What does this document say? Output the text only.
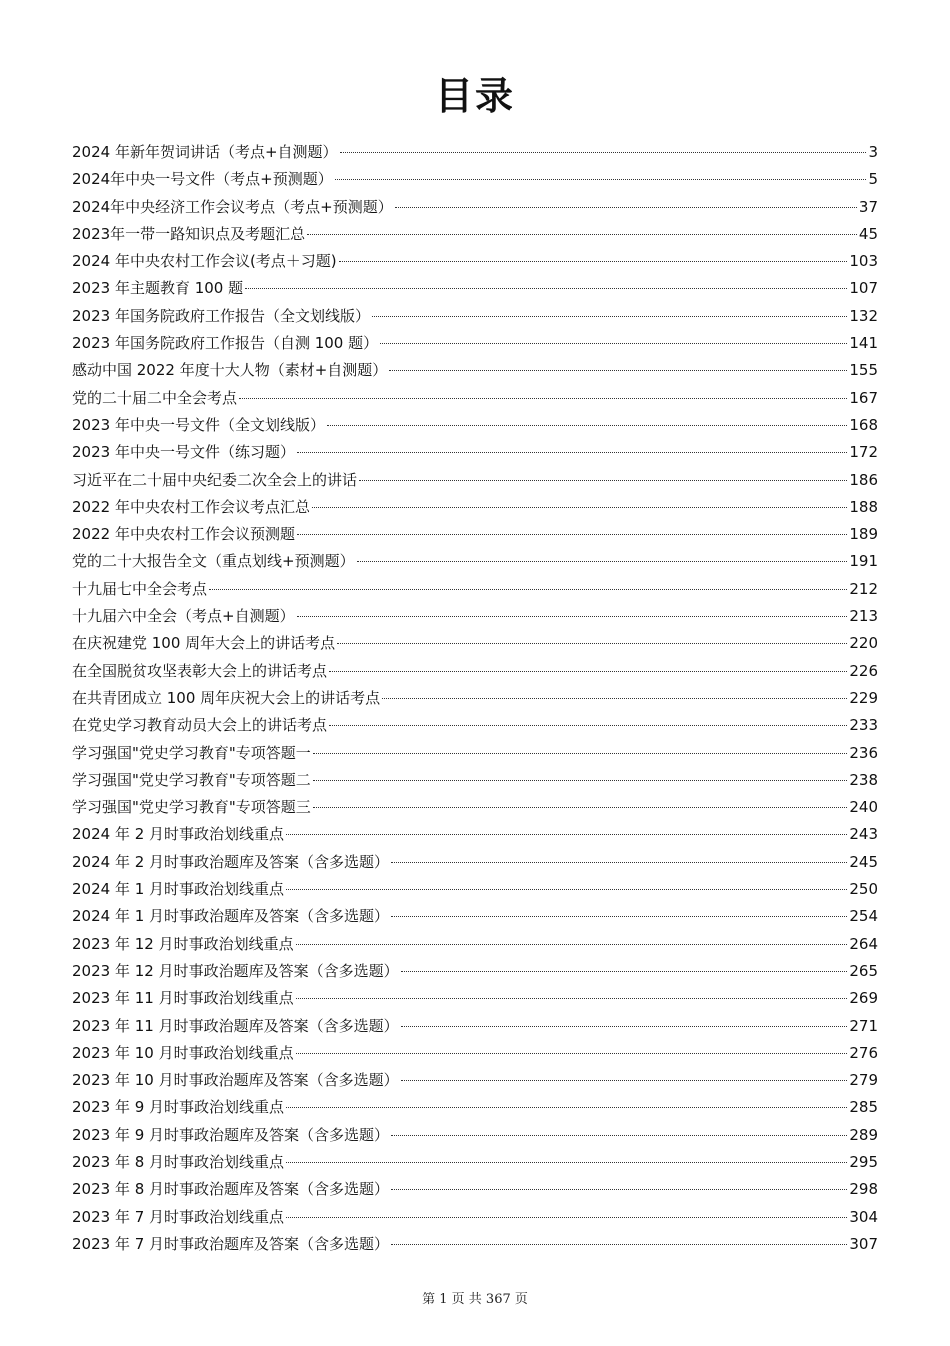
目录
2024 年新年贺词讲话（考点+自测题）	3
2024年中央一号文件（考点+预测题）	5
2024年中央经济工作会议考点（考点+预测题）	37
2023年一带一路知识点及考题汇总	45
2024 年中央农村工作会议(考点＋习题)	103
2023 年主题教育 100 题	107
2023 年国务院政府工作报告（全文划线版）	132
2023 年国务院政府工作报告（自测 100 题）	141
感动中国 2022 年度十大人物（素材+自测题）	155
党的二十届二中全会考点	167
2023 年中央一号文件（全文划线版）	168
2023 年中央一号文件（练习题）	172
习近平在二十届中央纪委二次全会上的讲话	186
2022 年中央农村工作会议考点汇总	188
2022 年中央农村工作会议预测题	189
党的二十大报告全文（重点划线+预测题）	191
十九届七中全会考点	212
十九届六中全会（考点+自测题）	213
在庆祝建党 100 周年大会上的讲话考点	220
在全国脱贫攻坚表彰大会上的讲话考点	226
在共青团成立 100 周年庆祝大会上的讲话考点	229
在党史学习教育动员大会上的讲话考点	233
学习强国"党史学习教育"专项答题一	236
学习强国"党史学习教育"专项答题二	238
学习强国"党史学习教育"专项答题三	240
2024 年 2 月时事政治划线重点	243
2024 年 2 月时事政治题库及答案（含多选题）	245
2024 年 1 月时事政治划线重点	250
2024 年 1 月时事政治题库及答案（含多选题）	254
2023 年 12 月时事政治划线重点	264
2023 年 12 月时事政治题库及答案（含多选题）	265
2023 年 11 月时事政治划线重点	269
2023 年 11 月时事政治题库及答案（含多选题）	271
2023 年 10 月时事政治划线重点	276
2023 年 10 月时事政治题库及答案（含多选题）	279
2023 年 9 月时事政治划线重点	285
2023 年 9 月时事政治题库及答案（含多选题）	289
2023 年 8 月时事政治划线重点	295
2023 年 8 月时事政治题库及答案（含多选题）	298
2023 年 7 月时事政治划线重点	304
2023 年 7 月时事政治题库及答案（含多选题）	307
第 1 页 共 367 页
